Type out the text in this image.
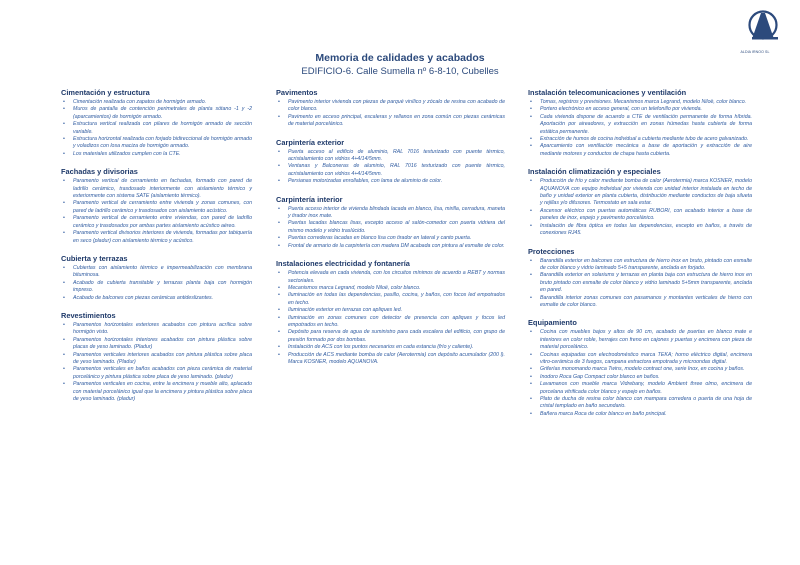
ALDIA IRNOO SL
Memoria de calidades y acabados
EDIFICIO-6. Calle Sumella nº 6-8-10, Cubelles
Cimentación y estructura
• Cimentación realizada con zapatos de hormigón armado.
• Muros de pantalla de contención perimetrales de planta sótano -1 y -2 (aparcamientos) de hormigón armado.
• Estructura vertical realizada con pilares de hormigón armado de sección variable.
• Estructura horizontal realizada con forjado bidireccional de hormigón armado y voladizos con losa maciza de hormigón armado.
• Los materiales utilizados cumplen con la CTE.
Fachadas y divisorias
• Paramento vertical de cerramiento en fachadas, formado con pared de ladrillo cerámico, trasdosado interiormente con aislamiento térmico y exteriormente con sistema SATE (aislamiento térmico).
• Paramento vertical de cerramiento entre vivienda y zonas comunes, con pared de ladrillo cerámico y trasdosados con aislamiento acústico.
• Paramento vertical de cerramiento entre viviendas, con pared de ladrillo cerámico y trasdosados por ambas partes aislamiento acústico aéreo.
• Paramento vertical divisorios interiores de vivienda, formadas por tabiquería en seco (pladur) con aislamiento térmico y acústico.
Cubierta y terrazas
• Cubiertas con aislamiento térmico e impermeabilización con membrana bituminosa.
• Acabado de cubierta transitable y terrazas planta baja con hormigón impreso.
• Acabado de balcones con piezas cerámicas antideslizantes.
Revestimientos
• Paramentos horizontales exteriores acabados con pintura acrílica sobre hormigón visto.
• Paramentos horizontales interiores acabados con pintura plástica sobre placas de yeso laminado. (Pladur)
• Paramentos verticales interiores acabados con pintura plástica sobre placa de yeso laminado. (Pladur)
• Paramentos verticales en baños acabados con pieza cerámica de material porcelánico y pintura plástica sobre placa de yeso laminado. (pladur)
• Paramentos verticales en cocina, entre la encimera y mueble alto, aplacado con material porcelánico igual que la encimera y pintura plástica sobre placa de yeso laminado. (pladur)
Pavimentos
• Pavimento interior vivienda con piezas de parqué vinílico y zócalo de resina con acabado de color blanco.
• Pavimento en acceso principal, escaleras y rellanos en zona común con piezas cerámicas de material porcelánico.
Carpintería exterior
• Puerta acceso al edificio de aluminio, RAL 7016 texturizado con puente térmico, acristalamiento con vidrios 4+4/14/5mm.
• Ventanas y Balconeras de aluminio, RAL 7016 texturizado con puente térmico, acristalamiento con vidrios 4+4/14/5mm.
• Persianas motorizadas enrollables, con lama de aluminio de color.
Carpintería interior
• Puerta acceso interior de vivienda blindada lacada en blanco, lisa, mirilla, cerradura, maneta y tirador inox mate.
• Puertas lacadas blancas lisas, excepto acceso al salón-comedor con puerta vidriera del mismo modelo y vidrio traslúcido.
• Puertas correderas lacadas en blanco lisa con tirador en lateral y canto puerta.
• Frontal de armario de la carpintería con madera DM acabada con pintura al esmalte de color.
Instalaciones electricidad y fontanería
• Potencia elevada en cada vivienda, con los circuitos mínimos de acuerdo a REBT y normas sectoriales.
• Mecanismos marca Legrand, modelo Niloë, color blanco.
• Iluminación en todas las dependencias, pasillo, cocina, y baños, con focos led empotrados en techo.
• Iluminación exterior en terrazas con apliques led.
• Iluminación en zonas comunes con detector de presencia con apliques y focos led empotrados en techo.
• Depósito para reserva de agua de suministro para cada escalera del edificio, con grupo de presión formado por dos bombas.
• Instalación de ACS con los puntos necesarios en cada estancia (frío y caliente).
• Producción de ACS mediante bomba de calor (Aerotermia) con depósito acumulador (200 l). Marca KOSNER, modelo AQUANOVA.
Instalación telecomunicaciones y ventilación
• Tomas, registros y previsiones. Mecanismos marca Legrand, modelo Niloë, color blanco.
• Portero electrónico en acceso general, con un telefonillo por vivienda.
• Cada vivienda dispone de acuerdo a CTE de ventilación permanente de forma híbrida. Aportación por aireadores, y extracción en zonas húmedas hasta cubierta de forma estática permanente.
• Extracción de humos de cocina individual a cubierta mediante tubo de acero galvanizado.
• Aparcamiento con ventilación mecánica a base de aportación y extracción de aire mediante motores y conductos de chapa hasta cubierta.
Instalación climatización y especiales
• Producción de frío y calor mediante bomba de calor (Aerotermia) marca KOSNER, modelo AQUANOVA con equipo individual por vivienda con unidad interior instalada en techo de baño y unidad exterior en planta cubierta, distribución mediante conductos de baja silueta y rejillas y/o difusores. Termostato en sala estar.
• Ascensor eléctrico con puertas automáticas RUBORI, con acabado interior a base de paneles de inox, espejo y pavimento porcelánico.
• Instalación de fibra óptica en todas las dependencias, excepto en baños, a través de conexiones RJ45.
Protecciones
• Barandilla exterior en balcones con estructura de hierro inox en bruto, pintado con esmalte de color blanco y vidrio laminado 5+5 transparente, anclada en forjado.
• Barandilla exterior en solariums y terrazas en planta baja con estructura de hierro inox en bruto pintado con esmalte de color blanco y vidrio laminado 5+5mm transparente, anclada en pared.
• Barandilla interior zonas comunes con pasamanos y montantes verticales de hierro con esmalte de color blanco.
Equipamiento
• Cocina con muebles bajos y altos de 90 cm, acabado de puertas en blanco mate e interiores en color roble, herrajes con freno en cajones y puertas y encimera con pieza de material porcelánico.
• Cocinas equipadas con electrodoméstico marca TEKA; horno eléctrico digital, encimera vitro-cerámica de 3 fuegos, campana extractora empotrada y microondas digital.
• Griferías monomando marca Twins, modelo contract one, serie Inox, en cocina y baños.
• Inodoro Roca Gap Compact color blanco en baños.
• Lavamanos con mueble marca Vidrebany, modelo Ambient three olmo, encimera de porcelana vitrificada color blanco y espejo en baños.
• Plato de ducha de resina color blanco con mampara corredera o puerta de una hoja de cristal templado en baño secundario.
• Bañera marca Roca de color blanco en baño principal.
